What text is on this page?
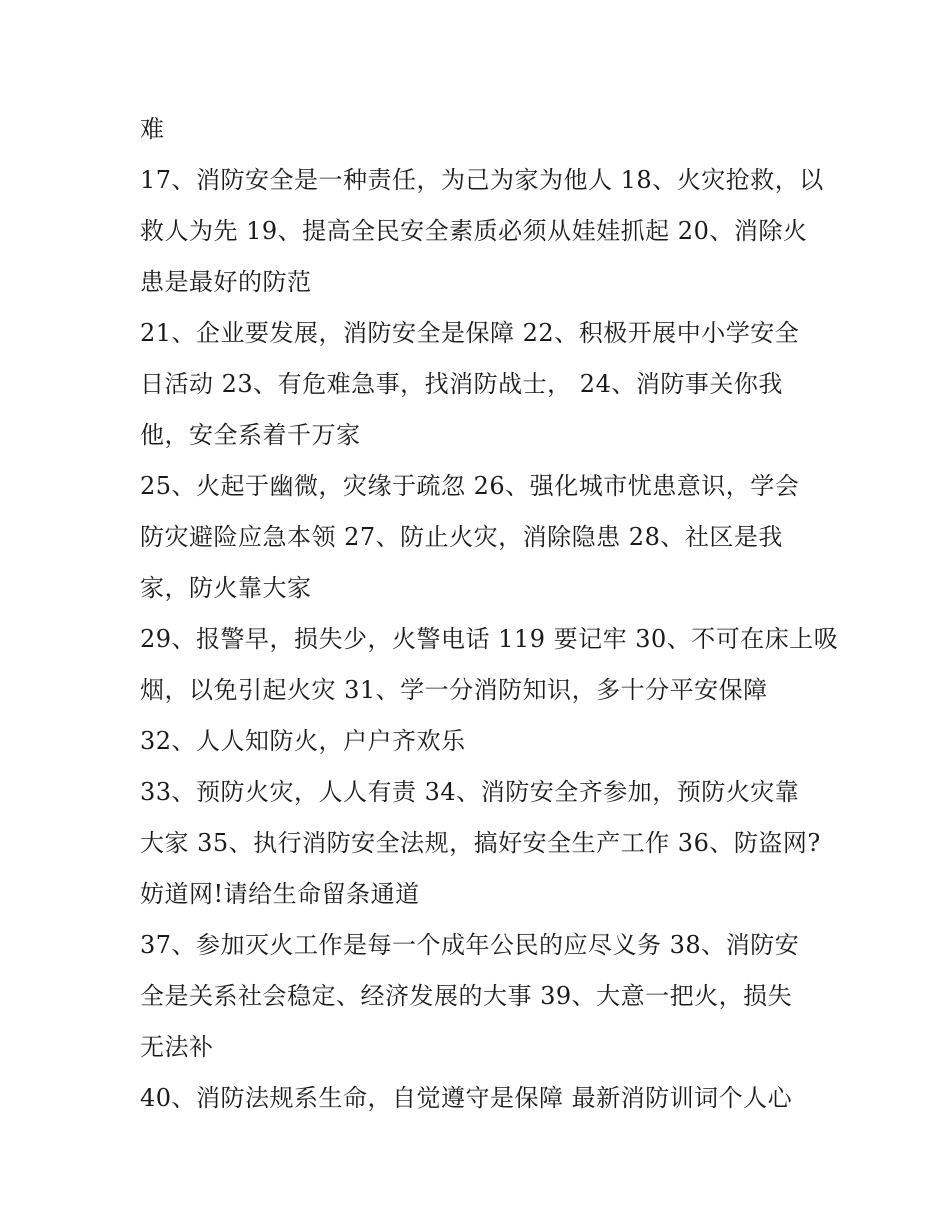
难
17、消防安全是一种责任，为己为家为他人 18、火灾抢救，以
救人为先 19、提高全民安全素质必须从娃娃抓起 20、消除火
患是最好的防范
21、企业要发展，消防安全是保障 22、积极开展中小学安全
日活动 23、有危难急事，找消防战士， 24、消防事关你我
他，安全系着千万家
25、火起于幽微，灾缘于疏忽 26、强化城市忧患意识，学会
防灾避险应急本领 27、防止火灾，消除隐患 28、社区是我
家，防火靠大家
29、报警早，损失少，火警电话 119 要记牢 30、不可在床上吸
烟，以免引起火灾 31、学一分消防知识，多十分平安保障
32、人人知防火，户户齐欢乐
33、预防火灾，人人有责 34、消防安全齐参加，预防火灾靠
大家 35、执行消防安全法规，搞好安全生产工作 36、防盗网?
妨道网!请给生命留条通道
37、参加灭火工作是每一个成年公民的应尽义务 38、消防安
全是关系社会稳定、经济发展的大事 39、大意一把火，损失
无法补
40、消防法规系生命，自觉遵守是保障 最新消防训词个人心
